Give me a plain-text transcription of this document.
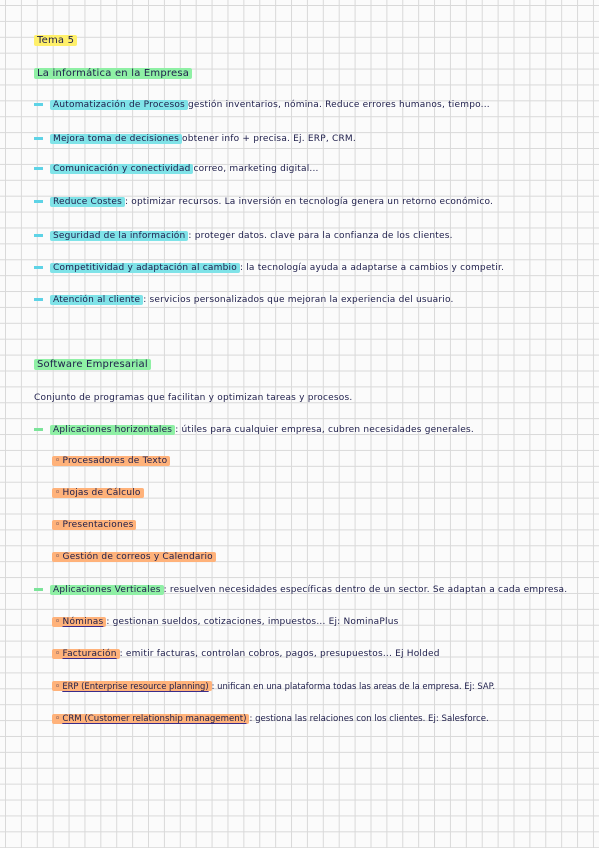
Tema 5
La informática en la Empresa
Automatización de Procesos gestión inventarios, nómina. Reduce errores humanos, tiempo...
Mejora toma de decisiones obtener info + precisa. Ej. ERP, CRM.
Comunicación y conectividad correo, marketing digital...
Reduce Costes : optimizar recursos. La inversión en tecnología genera un retorno económico.
Seguridad de la información : proteger datos. clave para la confianza de los clientes.
Competitividad y adaptación al cambio : la tecnología ayuda a adaptarse a cambios y competir.
Atención al cliente : servicios personalizados que mejoran la experiencia del usuario.
Software Empresarial
Conjunto de programas que facilitan y optimizan tareas y procesos.
Aplicaciones horizontales : útiles para cualquier empresa, cubren necesidades generales.
◦ Procesadores de Texto
◦ Hojas de Cálculo
◦ Presentaciones
◦ Gestión de correos y Calendario
Aplicaciones Verticales : resuelven necesidades específicas dentro de un sector. Se adaptan a cada empresa.
◦ Nóminas : gestionan sueldos, cotizaciones, impuestos... Ej: NominaPlus
◦ Facturación : emitir facturas, controlan cobros, pagos, presupuestos... Ej Holded
◦ ERP (Enterprise resource planning) : unifican en una plataforma todas las areas de la empresa. Ej: SAP.
◦ CRM (Customer relationship management) : gestiona las relaciones con los clientes. Ej: Salesforce.
